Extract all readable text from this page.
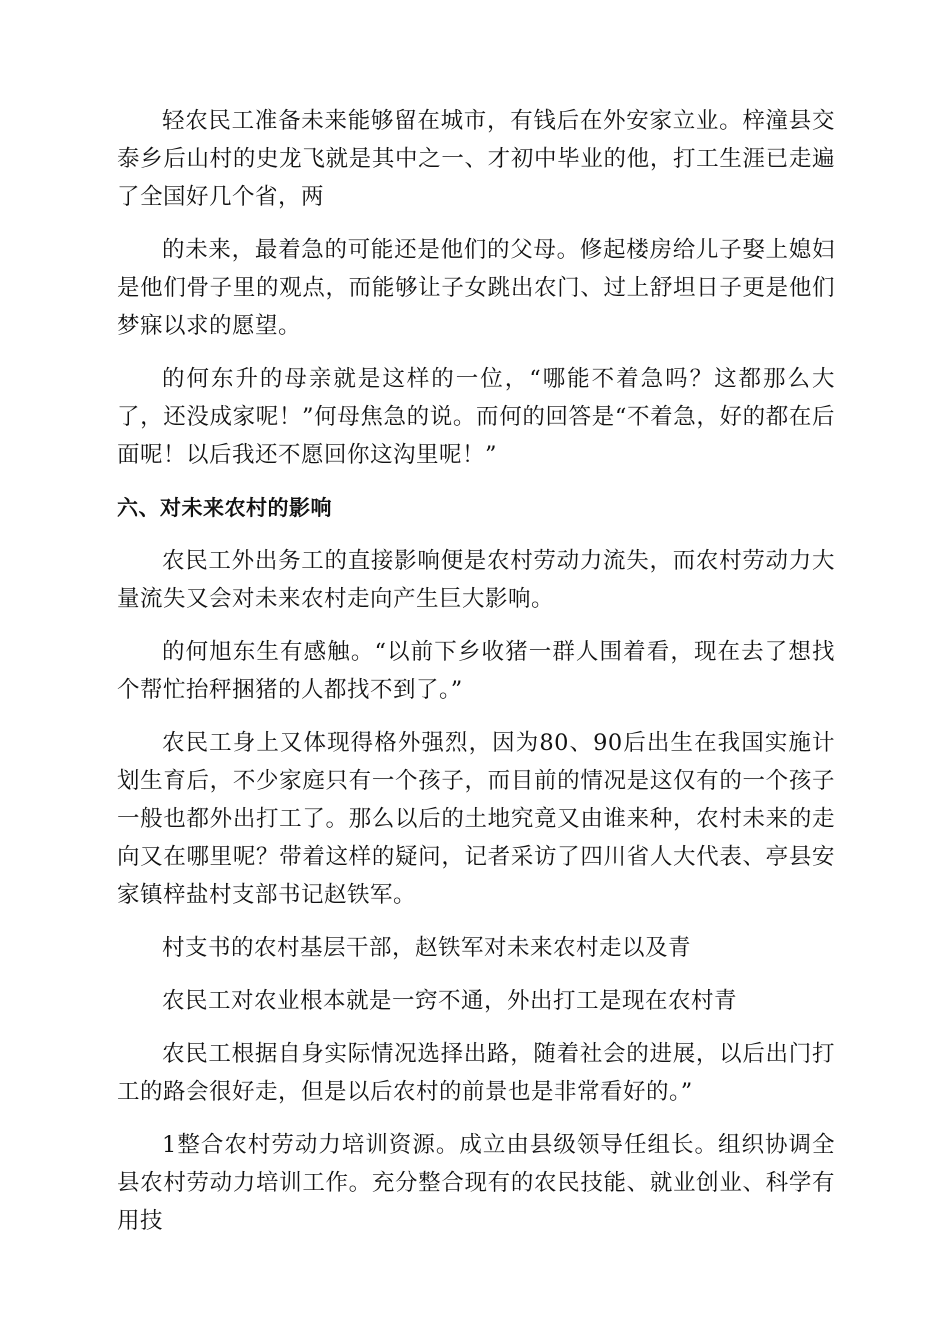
轻农民工准备未来能够留在城市，有钱后在外安家立业。梓潼县交泰乡后山村的史龙飞就是其中之一、才初中毕业的他，打工生涯已走遍了全国好几个省，两

的未来，最着急的可能还是他们的父母。修起楼房给儿子娶上媳妇是他们骨子里的观点，而能够让子女跳出农门、过上舒坦日子更是他们梦寐以求的愿望。

的何东升的母亲就是这样的一位，“哪能不着急吗？这都那么大了，还没成家呢！”何母焦急的说。而何的回答是“不着急，好的都在后面呢！以后我还不愿回你这沟里呢！”

六、对未来农村的影响

农民工外出务工的直接影响便是农村劳动力流失，而农村劳动力大量流失又会对未来农村走向产生巨大影响。

的何旭东生有感触。“以前下乡收猪一群人围着看，现在去了想找个帮忙抬秤捆猪的人都找不到了。”

农民工身上又体现得格外强烈，因为80、90后出生在我国实施计划生育后，不少家庭只有一个孩子，而目前的情况是这仅有的一个孩子一般也都外出打工了。那么以后的土地究竟又由谁来种，农村未来的走向又在哪里呢？带着这样的疑问，记者采访了四川省人大代表、亭县安家镇梓盐村支部书记赵铁军。

村支书的农村基层干部，赵铁军对未来农村走以及青

农民工对农业根本就是一窍不通，外出打工是现在农村青

农民工根据自身实际情况选择出路，随着社会的进展，以后出门打工的路会很好走，但是以后农村的前景也是非常看好的。”

1整合农村劳动力培训资源。成立由县级领导任组长。组织协调全县农村劳动力培训工作。充分整合现有的农民技能、就业创业、科学有用技
